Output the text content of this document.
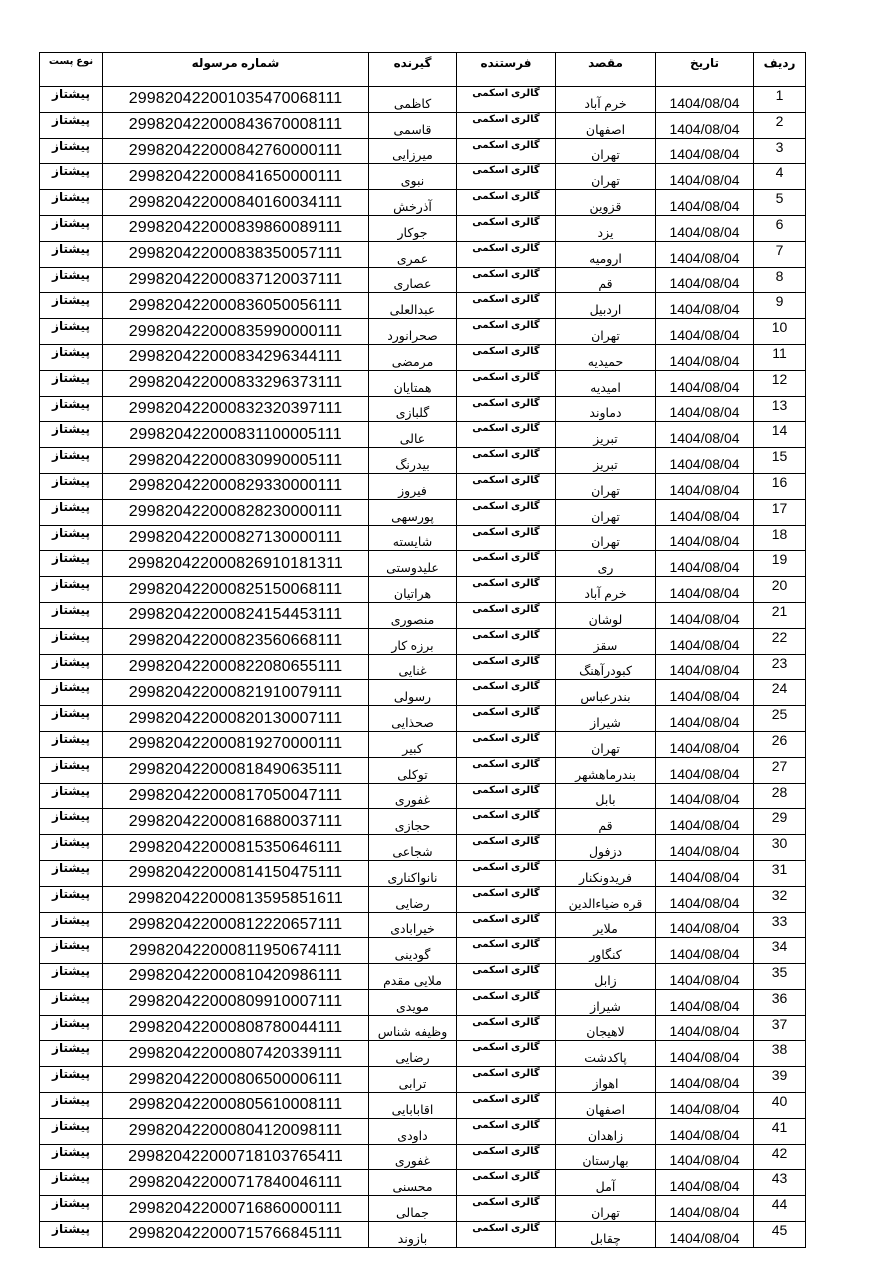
ردیف	تاریخ	مقصد	فرستنده	گیرنده	شماره مرسوله	نوع پست
1	1404/08/04	خرم آباد	گالری اسکمی	کاظمی	299820422001035470068111	پیشتاز
2	1404/08/04	اصفهان	گالری اسکمی	قاسمی	299820422000843670008111	پیشتاز
3	1404/08/04	تهران	گالری اسکمی	میرزایی	299820422000842760000111	پیشتاز
4	1404/08/04	تهران	گالری اسکمی	نبوی	299820422000841650000111	پیشتاز
5	1404/08/04	قزوین	گالری اسکمی	آذرخش	299820422000840160034111	پیشتاز
6	1404/08/04	یزد	گالری اسکمی	جوکار	299820422000839860089111	پیشتاز
7	1404/08/04	ارومیه	گالری اسکمی	عمری	299820422000838350057111	پیشتاز
8	1404/08/04	قم	گالری اسکمی	عصاری	299820422000837120037111	پیشتاز
9	1404/08/04	اردبیل	گالری اسکمی	عبدالعلی	299820422000836050056111	پیشتاز
10	1404/08/04	تهران	گالری اسکمی	صحرانورد	299820422000835990000111	پیشتاز
11	1404/08/04	حمیدیه	گالری اسکمی	مرمضی	299820422000834296344111	پیشتاز
12	1404/08/04	امیدیه	گالری اسکمی	همتایان	299820422000833296373111	پیشتاز
13	1404/08/04	دماوند	گالری اسکمی	گلبازی	299820422000832320397111	پیشتاز
14	1404/08/04	تبریز	گالری اسکمی	عالی	299820422000831100005111	پیشتاز
15	1404/08/04	تبریز	گالری اسکمی	بیدرنگ	299820422000830990005111	پیشتاز
16	1404/08/04	تهران	گالری اسکمی	فیروز	299820422000829330000111	پیشتاز
17	1404/08/04	تهران	گالری اسکمی	پورسهی	299820422000828230000111	پیشتاز
18	1404/08/04	تهران	گالری اسکمی	شایسته	299820422000827130000111	پیشتاز
19	1404/08/04	ری	گالری اسکمی	علیدوستی	299820422000826910181311	پیشتاز
20	1404/08/04	خرم آباد	گالری اسکمی	هراتیان	299820422000825150068111	پیشتاز
21	1404/08/04	لوشان	گالری اسکمی	منصوری	299820422000824154453111	پیشتاز
22	1404/08/04	سقز	گالری اسکمی	برزه کار	299820422000823560668111	پیشتاز
23	1404/08/04	کبودرآهنگ	گالری اسکمی	غنایی	299820422000822080655111	پیشتاز
24	1404/08/04	بندرعباس	گالری اسکمی	رسولی	299820422000821910079111	پیشتاز
25	1404/08/04	شیراز	گالری اسکمی	صحذایی	299820422000820130007111	پیشتاز
26	1404/08/04	تهران	گالری اسکمی	کبیر	299820422000819270000111	پیشتاز
27	1404/08/04	بندرماهشهر	گالری اسکمی	توکلی	299820422000818490635111	پیشتاز
28	1404/08/04	بابل	گالری اسکمی	غفوری	299820422000817050047111	پیشتاز
29	1404/08/04	قم	گالری اسکمی	حجازی	299820422000816880037111	پیشتاز
30	1404/08/04	دزفول	گالری اسکمی	شجاعی	299820422000815350646111	پیشتاز
31	1404/08/04	فریدونکنار	گالری اسکمی	نانواکناری	299820422000814150475111	پیشتاز
32	1404/08/04	قره ضیاءالدین	گالری اسکمی	رضایی	299820422000813595851611	پیشتاز
33	1404/08/04	ملایر	گالری اسکمی	خیرابادی	299820422000812220657111	پیشتاز
34	1404/08/04	کنگاور	گالری اسکمی	گودینی	299820422000811950674111	پیشتاز
35	1404/08/04	زابل	گالری اسکمی	ملایی مقدم	299820422000810420986111	پیشتاز
36	1404/08/04	شیراز	گالری اسکمی	مویدی	299820422000809910007111	پیشتاز
37	1404/08/04	لاهیجان	گالری اسکمی	وظیفه شناس	299820422000808780044111	پیشتاز
38	1404/08/04	پاکدشت	گالری اسکمی	رضایی	299820422000807420339111	پیشتاز
39	1404/08/04	اهواز	گالری اسکمی	ترابی	299820422000806500006111	پیشتاز
40	1404/08/04	اصفهان	گالری اسکمی	اقابابایی	299820422000805610008111	پیشتاز
41	1404/08/04	زاهدان	گالری اسکمی	داودی	299820422000804120098111	پیشتاز
42	1404/08/04	بهارستان	گالری اسکمی	غفوری	299820422000718103765411	پیشتاز
43	1404/08/04	آمل	گالری اسکمی	محسنی	299820422000717840046111	پیشتاز
44	1404/08/04	تهران	گالری اسکمی	جمالی	299820422000716860000111	پیشتاز
45	1404/08/04	چقابل	گالری اسکمی	بازوند	299820422000715766845111	پیشتاز
